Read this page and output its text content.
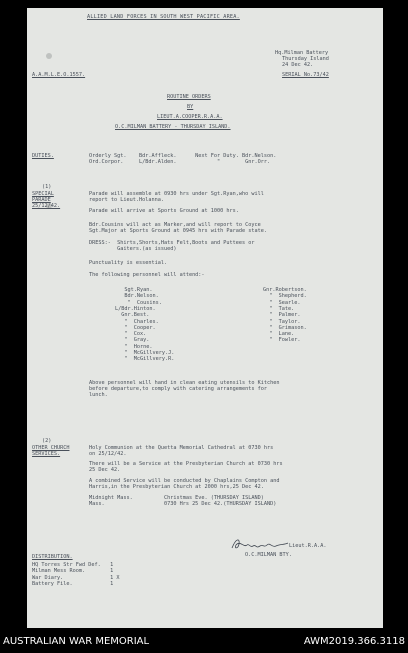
ALLIED LAND FORCES IN SOUTH WEST PACIFIC AREA.
Hq.Milman Battery
Thursday Island
24 Dec 42.
A.A.M.L.E.O.1557.	SERIAL No.73/42
ROUTINE ORDERS
BY
LIEUT.A.COOPER.R.A.A.
O.C.MILMAN BATTERY - THURSDAY ISLAND.
DUTIES.	Orderly Sgt.    Bdr.Affleck.      Next For Duty. Bdr.Nelson.
Ord.Corpor.     L/Bdr.Alden.             "        Gnr.Orr.
(1)
SPECIAL
PARADE
25/12/42.
Parade will assemble at 0930 hrs under Sgt.Ryan,who will
report to Lieut.Holanna.
Parade will arrive at Sports Ground at 1000 hrs.
Bdr.Cousins will act as Marker,and will report to Coyce
Sgt.Major at Sports Ground at 0945 hrs with Parade state.
DRESS:-  Shirts,Shorts,Hats Felt,Boots and Puttees or
Gaiters.(as issued)
Punctuality is essential.
The following personnel will attend:-
Sgt.Ryan.
Bdr.Nelson.
"  Cousins.
L/Bdr.Hinton.
Gnr.Best.
"  Charles.
"  Cooper.
"  Cox.
"  Gray.
"  Horne.
"  McGillvery.J.
"  McGillvery.R.
Gnr.Robertson.
"  Shepherd.
"  Searle.
"  Tate.
"  Palmer.
"  Taylor.
"  Grimason.
"  Lane.
"  Fowler.
Above personnel will hand in clean eating utensils to Kitchen
before departure,to comply with catering arrangements for
lunch.
(2)
OTHER CHURCH
SERVICES.
Holy Communion at the Quetta Memorial Cathedral at 0730 hrs
on 25/12/42.
There will be a Service at the Presbyterian Church at 0730 hrs
25 Dec 42.
A combined Service will be conducted by Chaplains Compton and
Harris,in the Presbyterian Church at 2000 hrs,25 Dec 42.
Midnight Mass.          Christmas Eve. (THURSDAY ISLAND)
Mass.                   0730 Hrs 25 Dec 42.(THURSDAY ISLAND)
Lieut.R.A.A.
O.C.MILMAN BTY.
DISTRIBUTION.
HQ Torres Str Fwd Def.   1
Milman Mess Room.        1
War Diary.               1 X
Battery File.            1
AUSTRALIAN WAR MEMORIAL	AWM2019.366.3118
